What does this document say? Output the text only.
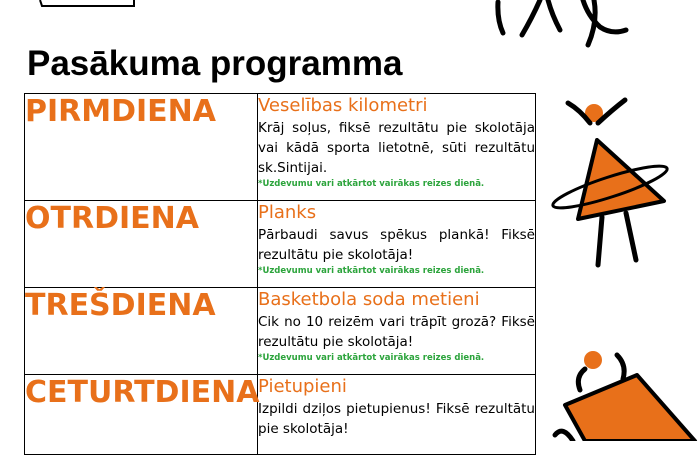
Pasākuma programma
PIRMDIENA	Veselības kilometri
Krāj soļus, fiksē rezultātu pie skolotāja vai kādā sporta lietotnē, sūti rezultātu sk.Sintijai.
*Uzdevumu vari atkārtot vairākas reizes dienā.

OTRDIENA	Planks
Pārbaudi savus spēkus plankā! Fiksē rezultātu pie skolotāja!
*Uzdevumu vari atkārtot vairākas reizes dienā.

TREŠDIENA	Basketbola soda metieni
Cik no 10 reizēm vari trāpīt grozā? Fiksē rezultātu pie skolotāja!
*Uzdevumu vari atkārtot vairākas reizes dienā.

CETURTDIENA	Pietupieni
Izpildi dziļos pietupienus! Fiksē rezultātu pie skolotāja!
